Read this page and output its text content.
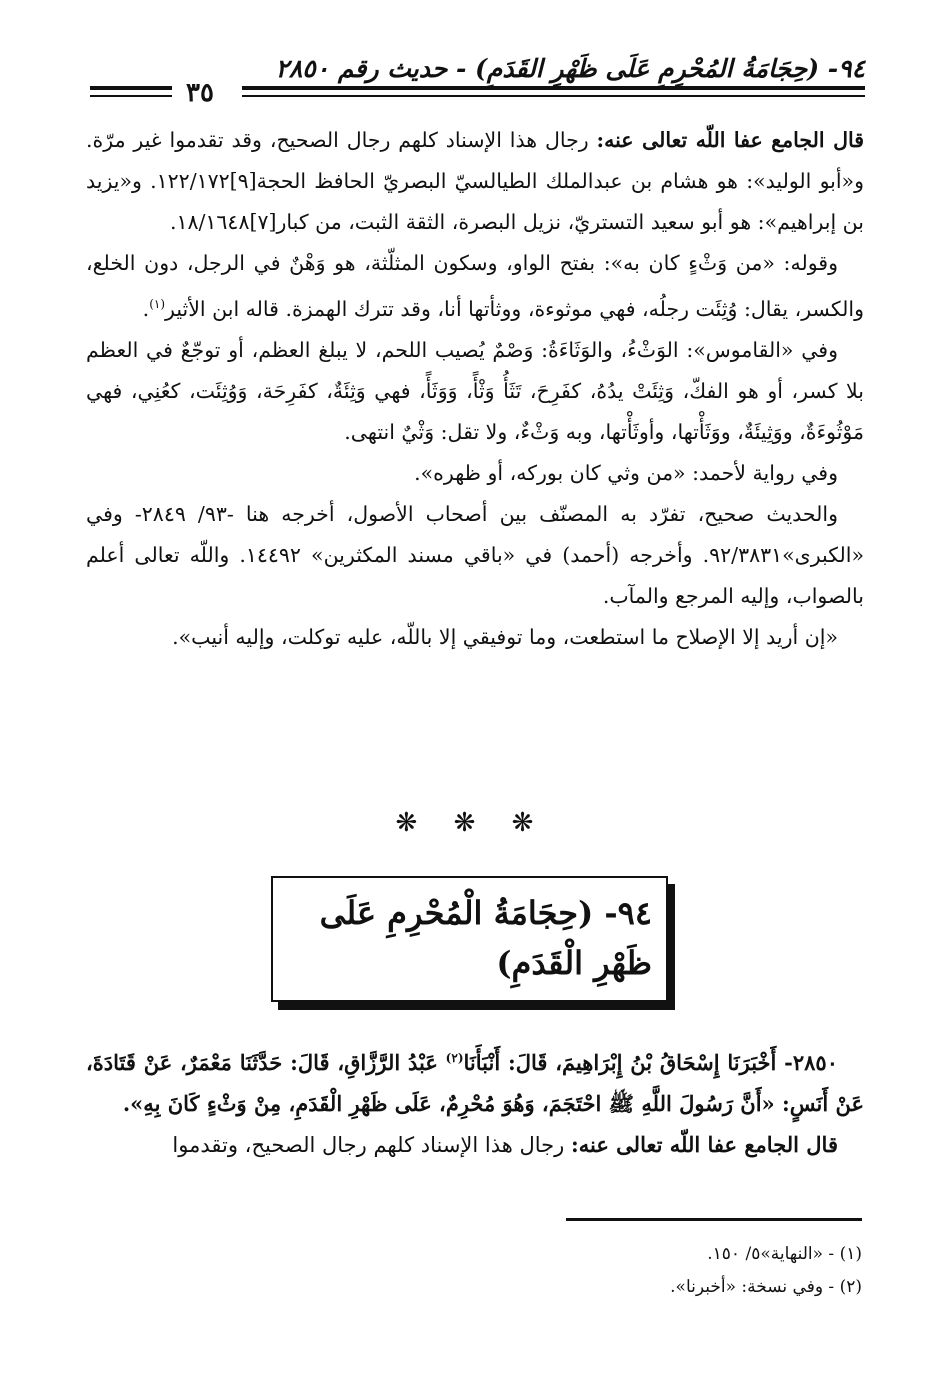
٩٤- (حِجَامَةُ المُحْرِمِ عَلَى ظَهْرِ القَدَمِ) - حديث رقم ٢٨٥٠
٣٥

قال الجامع عفا اللّه تعالى عنه: رجال هذا الإسناد كلهم رجال الصحيح، وقد تقدموا غير مرّة. و«أبو الوليد»: هو هشام بن عبدالملك الطيالسيّ البصريّ الحافظ الحجة[٩]١٢٢/١٧٢. و«يزيد بن إبراهيم»: هو أبو سعيد التستريّ، نزيل البصرة، الثقة الثبت، من كبار[٧]١٨/١٦٤٨.

وقوله: «من وَثْءٍ كان به»: بفتح الواو، وسكون المثلّثة، هو وَهْنٌ في الرجل، دون الخلع، والكسر، يقال: وُثِئَت رجلُه، فهي موثوءة، ووثأتها أنا، وقد تترك الهمزة. قاله ابن الأثير$^{(١)}$.

وفي «القاموس»: الوَثْءُ، والوَثَاءَةُ: وَصْمٌ يُصيب اللحم، لا يبلغ العظم، أو توجّعٌ في العظم بلا كسر، أو هو الفكّ، وَثِئَتْ يدُهُ، كفَرِحَ، تَثَأُ وَثْأً، وَوَثَأً، فهي وَثِئَةٌ، كفَرِحَة، وَوُثِئَت، كعُنِي، فهي مَوْثُوءَةٌ، ووَثِيئَةٌ، ووَثَأْتها، وأوثَأْتها، وبه وَثْءٌ، ولا تقل: وَثْيٌ انتهى.

وفي رواية لأحمد: «من وثي كان بوركه، أو ظهره».

والحديث صحيح، تفرّد به المصنّف بين أصحاب الأصول، أخرجه هنا -٩٣/ ٢٨٤٩- وفي «الكبرى»٩٢/٣٨٣١. وأخرجه (أحمد) في «باقي مسند المكثرين» ١٤٤٩٢. واللّه تعالى أعلم بالصواب، وإليه المرجع والمآب.

«إن أريد إلا الإصلاح ما استطعت، وما توفيقي إلا باللّه، عليه توكلت، وإليه أنيب».

❋ ❋ ❋
٩٤- (حِجَامَةُ الْمُحْرِمِ عَلَى ظَهْرِ الْقَدَمِ)

٢٨٥٠- أَخْبَرَنَا إِسْحَاقُ بْنُ إِبْرَاهِيمَ، قَالَ: أَنْبَأَنَا$^{(٢)}$ عَبْدُ الرَّزَّاقِ، قَالَ: حَدَّثَنَا مَعْمَرٌ، عَنْ قَتَادَةَ، عَنْ أَنَسٍ: «أَنَّ رَسُولَ اللَّهِ ﷺ احْتَجَمَ، وَهُوَ مُحْرِمٌ، عَلَى ظَهْرِ الْقَدَمِ، مِنْ وَثْءٍ كَانَ بِهِ».

قال الجامع عفا اللّه تعالى عنه: رجال هذا الإسناد كلهم رجال الصحيح، وتقدموا

(١) - «النهاية»٥/ ١٥٠.
(٢) - وفي نسخة: «أخبرنا».
